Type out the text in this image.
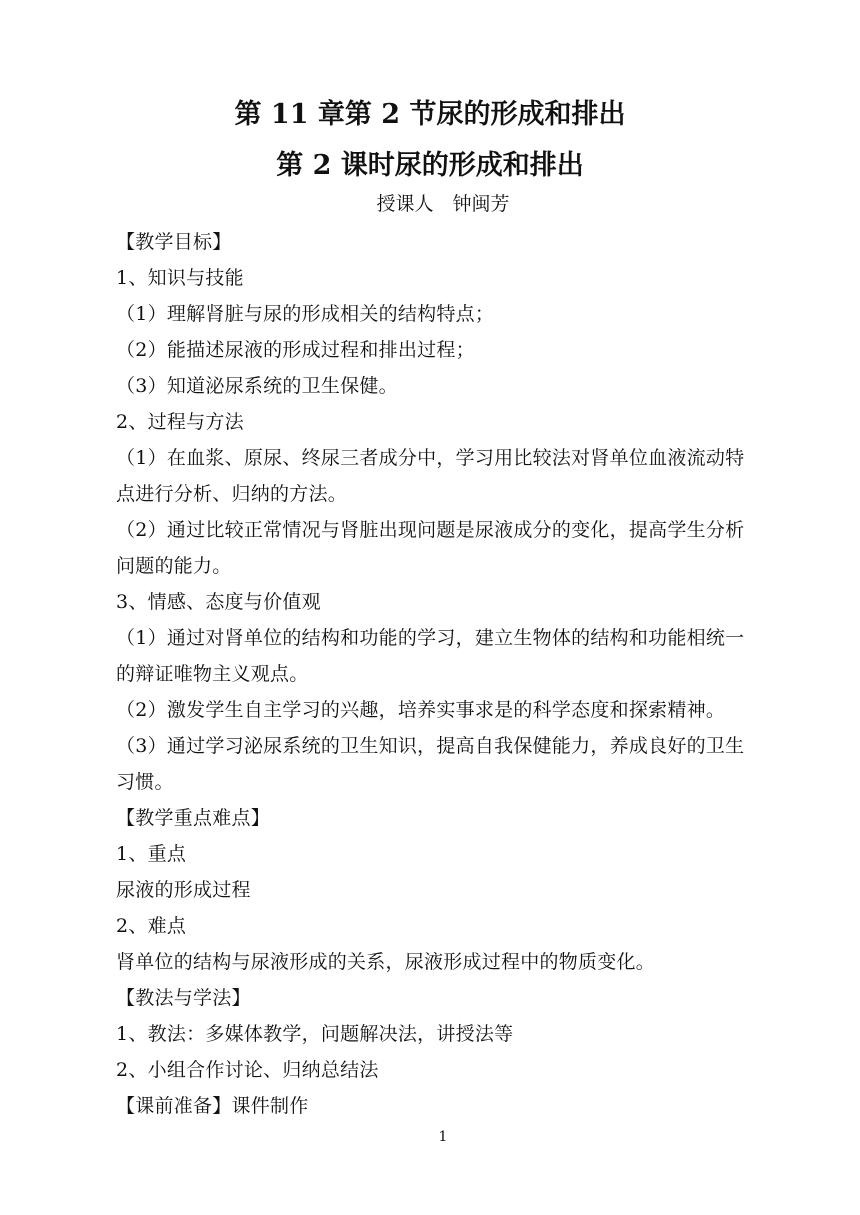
第 11 章第 2 节尿的形成和排出
第 2 课时尿的形成和排出
授课人　钟闽芳
【教学目标】
1、知识与技能
（1）理解肾脏与尿的形成相关的结构特点；
（2）能描述尿液的形成过程和排出过程；
（3）知道泌尿系统的卫生保健。
2、过程与方法
（1）在血浆、原尿、终尿三者成分中，学习用比较法对肾单位血液流动特
点进行分析、归纳的方法。
（2）通过比较正常情况与肾脏出现问题是尿液成分的变化，提高学生分析
问题的能力。
3、情感、态度与价值观
（1）通过对肾单位的结构和功能的学习，建立生物体的结构和功能相统一
的辩证唯物主义观点。
（2）激发学生自主学习的兴趣，培养实事求是的科学态度和探索精神。
（3）通过学习泌尿系统的卫生知识，提高自我保健能力，养成良好的卫生
习惯。
【教学重点难点】
1、重点
尿液的形成过程
2、难点
肾单位的结构与尿液形成的关系，尿液形成过程中的物质变化。
【教法与学法】
1、教法：多媒体教学，问题解决法，讲授法等
2、小组合作讨论、归纳总结法
【课前准备】课件制作
1
